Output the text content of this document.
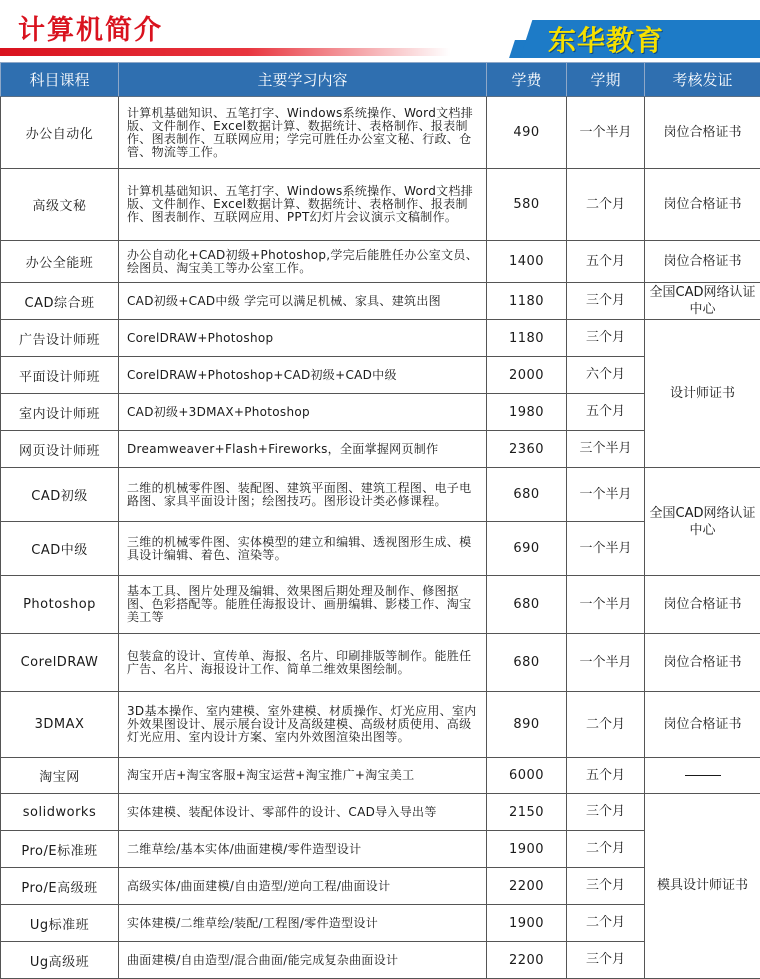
计算机简介	东华教育
科目课程	主要学习内容	学费	学期	考核发证
办公自动化	计算机基础知识、五笔打字、Windows系统操作、Word文档排版、文件制作、Excel数据计算、数据统计、表格制作、报表制作、图表制作、互联网应用；学完可胜任办公室文秘、行政、仓管、物流等工作。	490	一个半月	岗位合格证书
高级文秘	计算机基础知识、五笔打字、Windows系统操作、Word文档排版、文件制作、Excel数据计算、数据统计、表格制作、报表制作、图表制作、互联网应用、PPT幻灯片会议演示文稿制作。	580	二个月	岗位合格证书
办公全能班	办公自动化+CAD初级+Photoshop,学完后能胜任办公室文员、绘图员、淘宝美工等办公室工作。	1400	五个月	岗位合格证书
CAD综合班	CAD初级+CAD中级 学完可以满足机械、家具、建筑出图	1180	三个月	全国CAD网络认证中心
广告设计师班	CorelDRAW+Photoshop	1180	三个月	设计师证书
平面设计师班	CorelDRAW+Photoshop+CAD初级+CAD中级	2000	六个月	
室内设计师班	CAD初级+3DMAX+Photoshop	1980	五个月	
网页设计师班	Dreamweaver+Flash+Fireworks，全面掌握网页制作	2360	三个半月	
CAD初级	二维的机械零件图、装配图、建筑平面图、建筑工程图、电子电路图、家具平面设计图；绘图技巧。图形设计类必修课程。	680	一个半月	全国CAD网络认证中心
CAD中级	三维的机械零件图、实体模型的建立和编辑、透视图形生成、模具设计编辑、着色、渲染等。	690	一个半月	
Photoshop	基本工具、图片处理及编辑、效果图后期处理及制作、修图抠图、色彩搭配等。能胜任海报设计、画册编辑、影楼工作、淘宝美工等	680	一个半月	岗位合格证书
CorelDRAW	包装盒的设计、宣传单、海报、名片、印刷排版等制作。能胜任广告、名片、海报设计工作、简单二维效果图绘制。	680	一个半月	岗位合格证书
3DMAX	3D基本操作、室内建模、室外建模、材质操作、灯光应用、室内外效果图设计、展示展台设计及高级建模、高级材质使用、高级灯光应用、室内设计方案、室内外效图渲染出图等。	890	二个月	岗位合格证书
淘宝网	淘宝开店+淘宝客服+淘宝运营+淘宝推广+淘宝美工	6000	五个月	
solidworks	实体建模、装配体设计、零部件的设计、CAD导入导出等	2150	三个月	模具设计师证书
Pro/E标准班	二维草绘/基本实体/曲面建模/零件造型设计	1900	二个月	
Pro/E高级班	高级实体/曲面建模/自由造型/逆向工程/曲面设计	2200	三个月	
Ug标准班	实体建模/二维草绘/装配/工程图/零件造型设计	1900	二个月	
Ug高级班	曲面建模/自由造型/混合曲面/能完成复杂曲面设计	2200	三个月	
